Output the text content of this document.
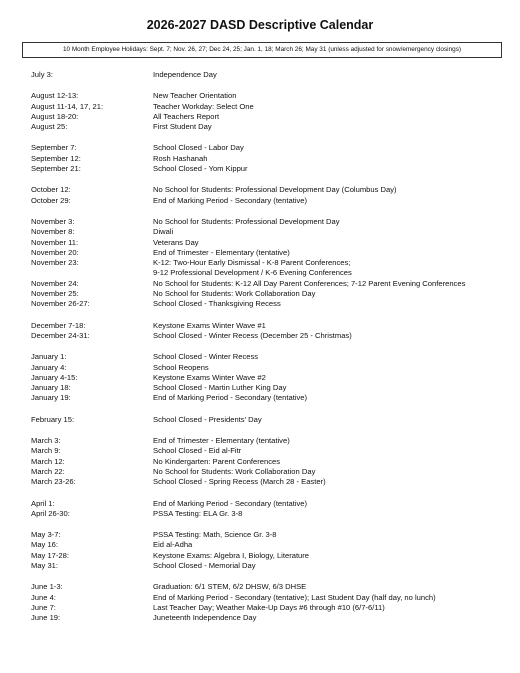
2026-2027 DASD Descriptive Calendar
10 Month Employee Holidays: Sept. 7; Nov. 26, 27; Dec 24, 25; Jan. 1, 18; March 26; May 31 (unless adjusted for snow/emergency closings)
July 3:	Independence Day
August 12-13:	New Teacher Orientation
August 11-14, 17, 21:	Teacher Workday: Select One
August 18-20:	All Teachers Report
August 25:	First Student Day
September 7:	School Closed - Labor Day
September 12:	Rosh Hashanah
September 21:	School Closed - Yom Kippur
October 12:	No School for Students: Professional Development Day (Columbus Day)
October 29:	End of Marking Period - Secondary (tentative)
November 3:	No School for Students: Professional Development Day
November 8:	Diwali
November 11:	Veterans Day
November 20:	End of Trimester - Elementary (tentative)
November 23:	K-12: Two-Hour Early Dismissal - K-8 Parent Conferences;
9-12 Professional Development / K-6 Evening Conferences
November 24:	No School for Students: K-12 All Day Parent Conferences; 7-12 Parent Evening Conferences
November 25:	No School for Students: Work Collaboration Day
November 26-27:	School Closed - Thanksgiving Recess
December 7-18:	Keystone Exams Winter Wave #1
December 24-31:	School Closed - Winter Recess (December 25 - Christmas)
January 1:	School Closed - Winter Recess
January 4:	School Reopens
January 4-15:	Keystone Exams Winter Wave #2
January 18:	School Closed - Martin Luther King Day
January 19:	End of Marking Period - Secondary (tentative)
February 15:	School Closed - Presidents' Day
March 3:	End of Trimester - Elementary (tentative)
March 9:	School Closed - Eid al-Fitr
March 12:	No Kindergarten: Parent Conferences
March 22:	No School for Students: Work Collaboration Day
March 23-26:	School Closed - Spring Recess (March 28 - Easter)
April 1:	End of Marking Period - Secondary (tentative)
April 26-30:	PSSA Testing: ELA Gr. 3-8
May 3-7:	PSSA Testing: Math, Science Gr. 3-8
May 16:	Eid al-Adha
May 17-28:	Keystone Exams: Algebra I, Biology, Literature
May 31:	School Closed - Memorial Day
June 1-3:	Graduation: 6/1 STEM, 6/2 DHSW, 6/3 DHSE
June 4:	End of Marking Period - Secondary (tentative); Last Student Day (half day, no lunch)
June 7:	Last Teacher Day; Weather Make-Up Days #6 through #10 (6/7-6/11)
June 19:	Juneteenth Independence Day
